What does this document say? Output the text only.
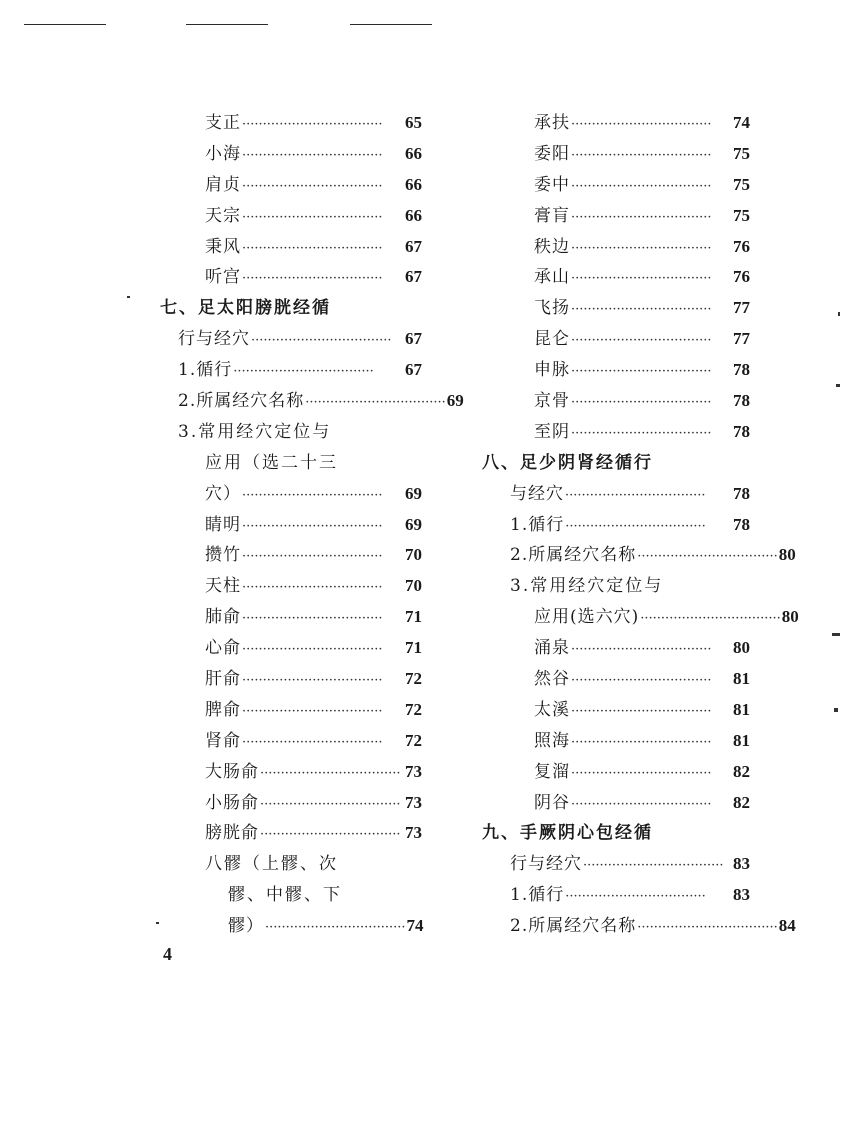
支正 ··································	65
小海 ··································	66
肩贞 ··································	66
天宗 ··································	66
秉风 ··································	67
听宫 ··································	67
七、足太阳膀胱经循
行与经穴 ·································· 67
1.循行 ··································	67
2.所属经穴名称 ·································· 69
3.常用经穴定位与
应用（选二十三
穴） ··································	69
睛明 ··································	69
攒竹 ··································	70
天柱 ··································	70
肺俞 ··································	71
心俞 ··································	71
肝俞 ··································	72
脾俞 ··································	72
肾俞 ··································	72
大肠俞 ·································· 73
小肠俞 ·································· 73
膀胱俞 ·································· 73
八髎（上髎、次
髎、中髎、下
髎） ·································· 74
承扶 ··································	74
委阳 ··································	75
委中 ··································	75
膏肓 ··································	75
秩边 ··································	76
承山 ··································	76
飞扬 ··································	77
昆仑 ··································	77
申脉 ··································	78
京骨 ··································	78
至阴 ··································	78
八、足少阴肾经循行
与经穴 ··································	78
1.循行 ··································	78
2.所属经穴名称 ·································· 80
3.常用经穴定位与
应用(选六穴) ·································· 80
涌泉 ··································	80
然谷 ··································	81
太溪 ··································	81
照海 ··································	81
复溜 ··································	82
阴谷 ··································	82
九、手厥阴心包经循
行与经穴 ·································· 83
1.循行 ··································	83
2.所属经穴名称 ·································· 84
4
